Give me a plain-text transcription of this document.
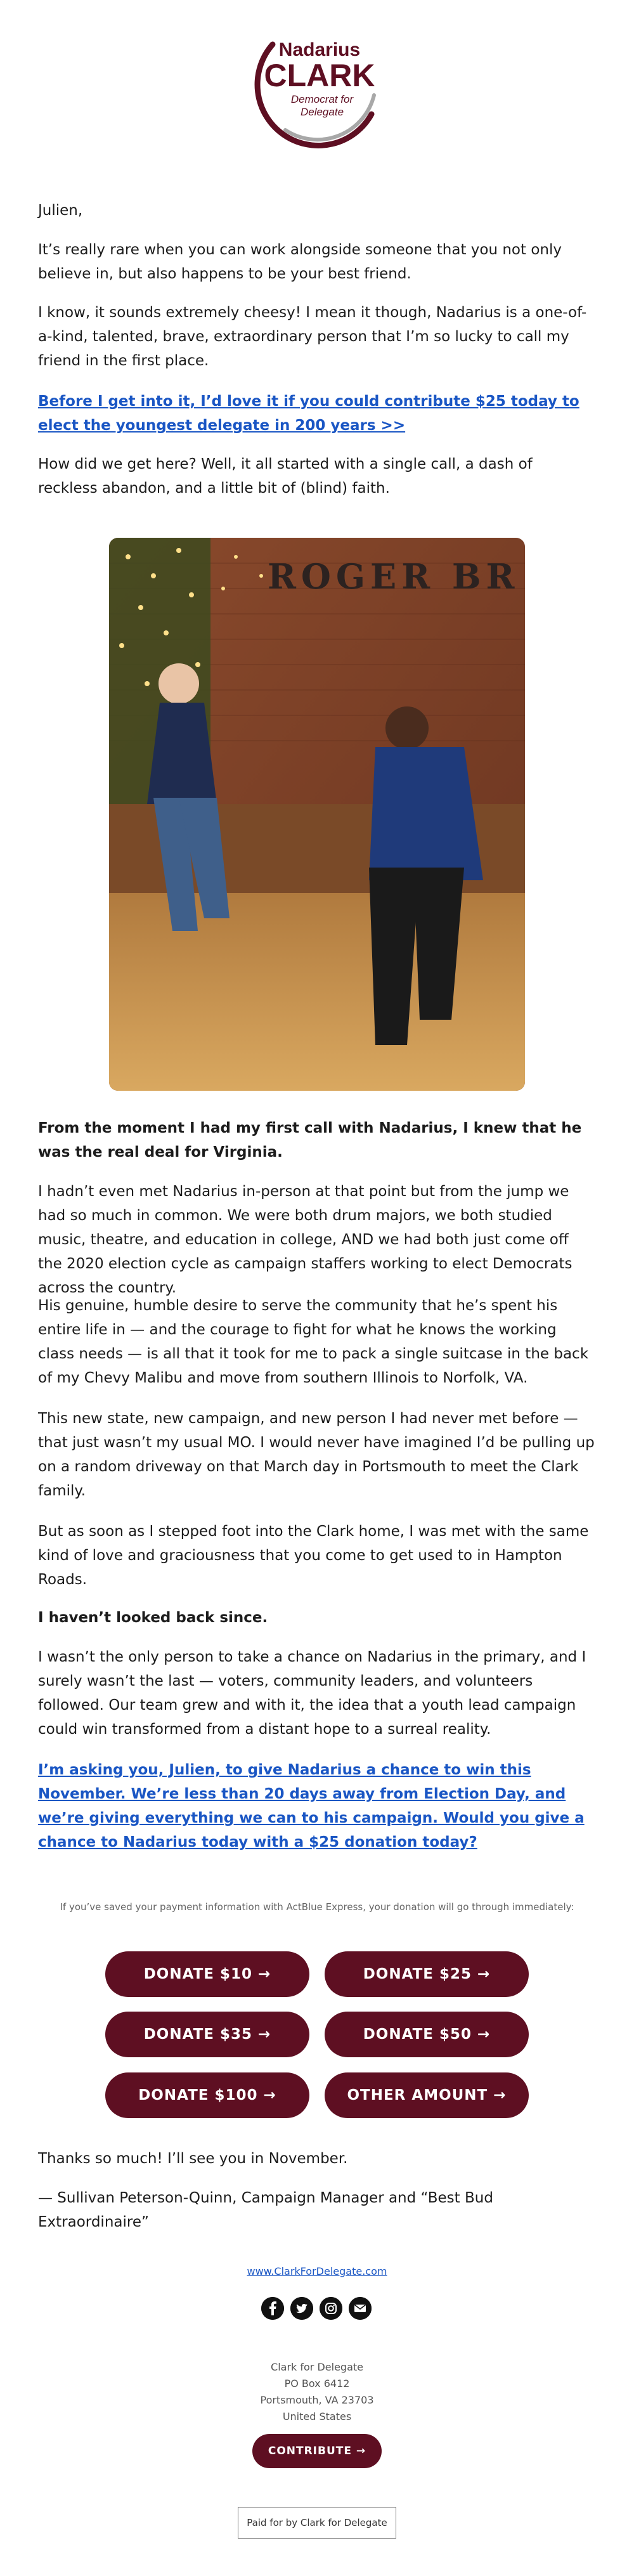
Nadarius
CLARK
Democrat for
Delegate

Julien,

It’s really rare when you can work alongside someone that you not only believe in, but also happens to be your best friend.

I know, it sounds extremely cheesy! I mean it though, Nadarius is a one-of-a-kind, talented, brave, extraordinary person that I’m so lucky to call my friend in the first place.

Before I get into it, I’d love it if you could contribute $25 today to elect the youngest delegate in 200 years >>

How did we get here? Well, it all started with a single call, a dash of reckless abandon, and a little bit of (blind) faith.

ROGER BR

From the moment I had my first call with Nadarius, I knew that he was the real deal for Virginia.

I hadn’t even met Nadarius in-person at that point but from the jump we had so much in common. We were both drum majors, we both studied music, theatre, and education in college, AND we had both just come off the 2020 election cycle as campaign staffers working to elect Democrats across the country.

His genuine, humble desire to serve the community that he’s spent his entire life in — and the courage to fight for what he knows the working class needs — is all that it took for me to pack a single suitcase in the back of my Chevy Malibu and move from southern Illinois to Norfolk, VA.

This new state, new campaign, and new person I had never met before — that just wasn’t my usual MO. I would never have imagined I’d be pulling up on a random driveway on that March day in Portsmouth to meet the Clark family.

But as soon as I stepped foot into the Clark home, I was met with the same kind of love and graciousness that you come to get used to in Hampton Roads.

I haven’t looked back since.

I wasn’t the only person to take a chance on Nadarius in the primary, and I surely wasn’t the last — voters, community leaders, and volunteers followed. Our team grew and with it, the idea that a youth lead campaign could win transformed from a distant hope to a surreal reality.

I’m asking you, Julien, to give Nadarius a chance to win this November. We’re less than 20 days away from Election Day, and we’re giving everything we can to his campaign. Would you give a chance to Nadarius today with a $25 donation today?

If you’ve saved your payment information with ActBlue Express, your donation will go through immediately:
DONATE $10 →	DONATE $25 →
DONATE $35 →	DONATE $50 →
DONATE $100 →	OTHER AMOUNT →

Thanks so much! I’ll see you in November.

— Sullivan Peterson-Quinn, Campaign Manager and “Best Bud Extraordinaire”

www.ClarkForDelegate.com
Clark for Delegate
PO Box 6412
Portsmouth, VA 23703
United States
CONTRIBUTE →
Paid for by Clark for Delegate
